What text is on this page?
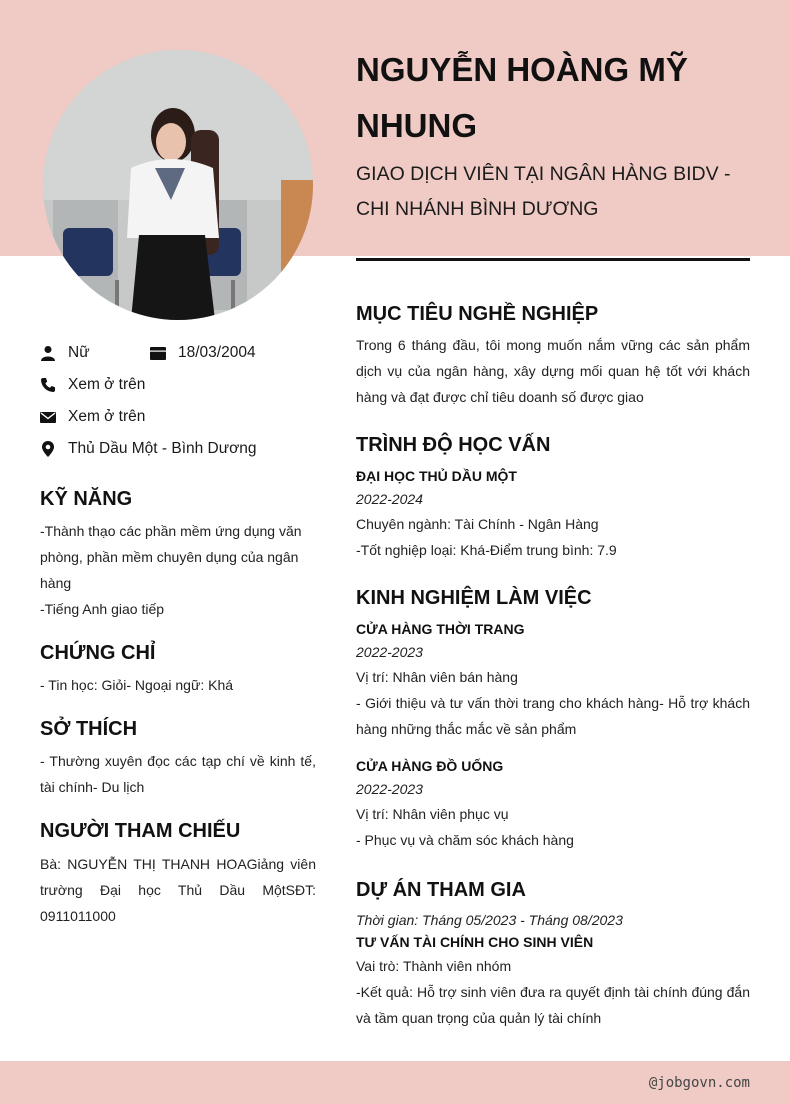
NGUYỄN HOÀNG MỸ NHUNG
GIAO DỊCH VIÊN TẠI NGÂN HÀNG BIDV - CHI NHÁNH BÌNH DƯƠNG
Nữ	18/03/2004
Xem ở trên
Xem ở trên
Thủ Dầu Một - Bình Dương
KỸ NĂNG

-Thành thạo các phần mềm ứng dụng văn phòng, phần mềm chuyên dụng của ngân hàng

-Tiếng Anh giao tiếp

CHỨNG CHỈ

- Tin học: Giỏi- Ngoại ngữ: Khá

SỞ THÍCH

- Thường xuyên đọc các tạp chí về kinh tế, tài chính- Du lịch

NGƯỜI THAM CHIẾU

Bà: NGUYỄN THỊ THANH HOAGiảng viên trường Đại học Thủ Dầu MộtSĐT: 0911011000

MỤC TIÊU NGHỀ NGHIỆP

Trong 6 tháng đầu, tôi mong muốn nắm vững các sản phẩm dịch vụ của ngân hàng, xây dựng mối quan hệ tốt với khách hàng và đạt được chỉ tiêu doanh số được giao

TRÌNH ĐỘ HỌC VẤN
ĐẠI HỌC THỦ DẦU MỘT
2022-2024
Chuyên ngành: Tài Chính - Ngân Hàng
-Tốt nghiệp loại: Khá-Điểm trung bình: 7.9
KINH NGHIỆM LÀM VIỆC
CỬA HÀNG THỜI TRANG
2022-2023
Vị trí: Nhân viên bán hàng
- Giới thiệu và tư vấn thời trang cho khách hàng- Hỗ trợ khách hàng những thắc mắc về sản phẩm
CỬA HÀNG ĐỒ UỐNG
2022-2023
Vị trí: Nhân viên phục vụ
- Phục vụ và chăm sóc khách hàng
DỰ ÁN THAM GIA
Thời gian: Tháng 05/2023 - Tháng 08/2023
TƯ VẤN TÀI CHÍNH CHO SINH VIÊN
Vai trò: Thành viên nhóm
-Kết quả: Hỗ trợ sinh viên đưa ra quyết định tài chính đúng đắn và tầm quan trọng của quản lý tài chính
@jobgovn.com
